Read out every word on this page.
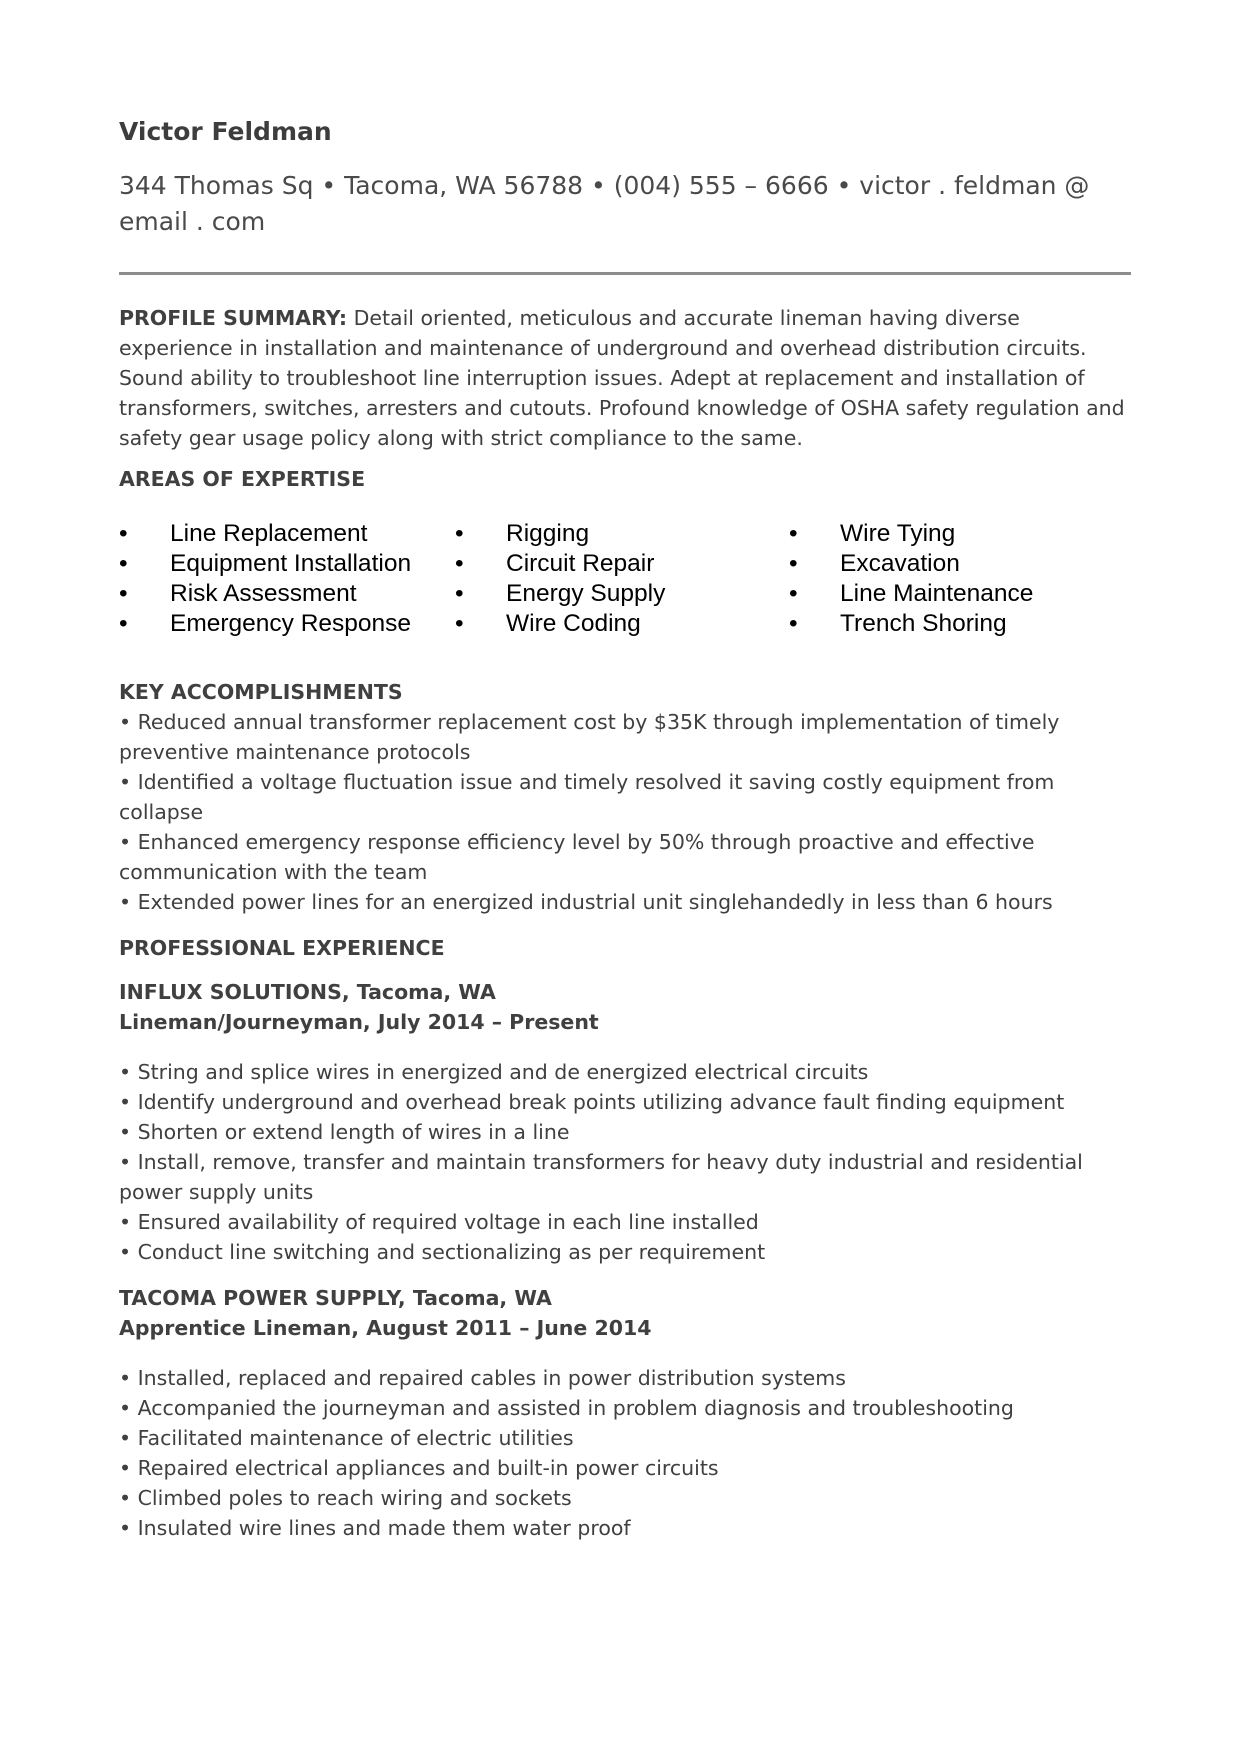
Victor Feldman

344 Thomas Sq • Tacoma, WA 56788 • (004) 555 – 6666 • victor . feldman @ email . com

PROFILE SUMMARY: Detail oriented, meticulous and accurate lineman having diverse experience in installation and maintenance of underground and overhead distribution circuits. Sound ability to troubleshoot line interruption issues. Adept at replacement and installation of transformers, switches, arresters and cutouts. Profound knowledge of OSHA safety regulation and safety gear usage policy along with strict compliance to the same.

AREAS OF EXPERTISE
• Line Replacement
• Equipment Installation
• Risk Assessment
• Emergency Response
• Rigging
• Circuit Repair
• Energy Supply
• Wire Coding
• Wire Tying
• Excavation
• Line Maintenance
• Trench Shoring
KEY ACCOMPLISHMENTS
• Reduced annual transformer replacement cost by $35K through implementation of timely preventive maintenance protocols
• Identified a voltage fluctuation issue and timely resolved it saving costly equipment from collapse
• Enhanced emergency response efficiency level by 50% through proactive and effective communication with the team
• Extended power lines for an energized industrial unit singlehandedly in less than 6 hours
PROFESSIONAL EXPERIENCE

INFLUX SOLUTIONS, Tacoma, WA

Lineman/Journeyman, July 2014 – Present

• String and splice wires in energized and de energized electrical circuits
• Identify underground and overhead break points utilizing advance fault finding equipment
• Shorten or extend length of wires in a line
• Install, remove, transfer and maintain transformers for heavy duty industrial and residential power supply units
• Ensured availability of required voltage in each line installed
• Conduct line switching and sectionalizing as per requirement

TACOMA POWER SUPPLY, Tacoma, WA

Apprentice Lineman, August 2011 – June 2014

• Installed, replaced and repaired cables in power distribution systems
• Accompanied the journeyman and assisted in problem diagnosis and troubleshooting
• Facilitated maintenance of electric utilities
• Repaired electrical appliances and built-in power circuits
• Climbed poles to reach wiring and sockets
• Insulated wire lines and made them water proof
